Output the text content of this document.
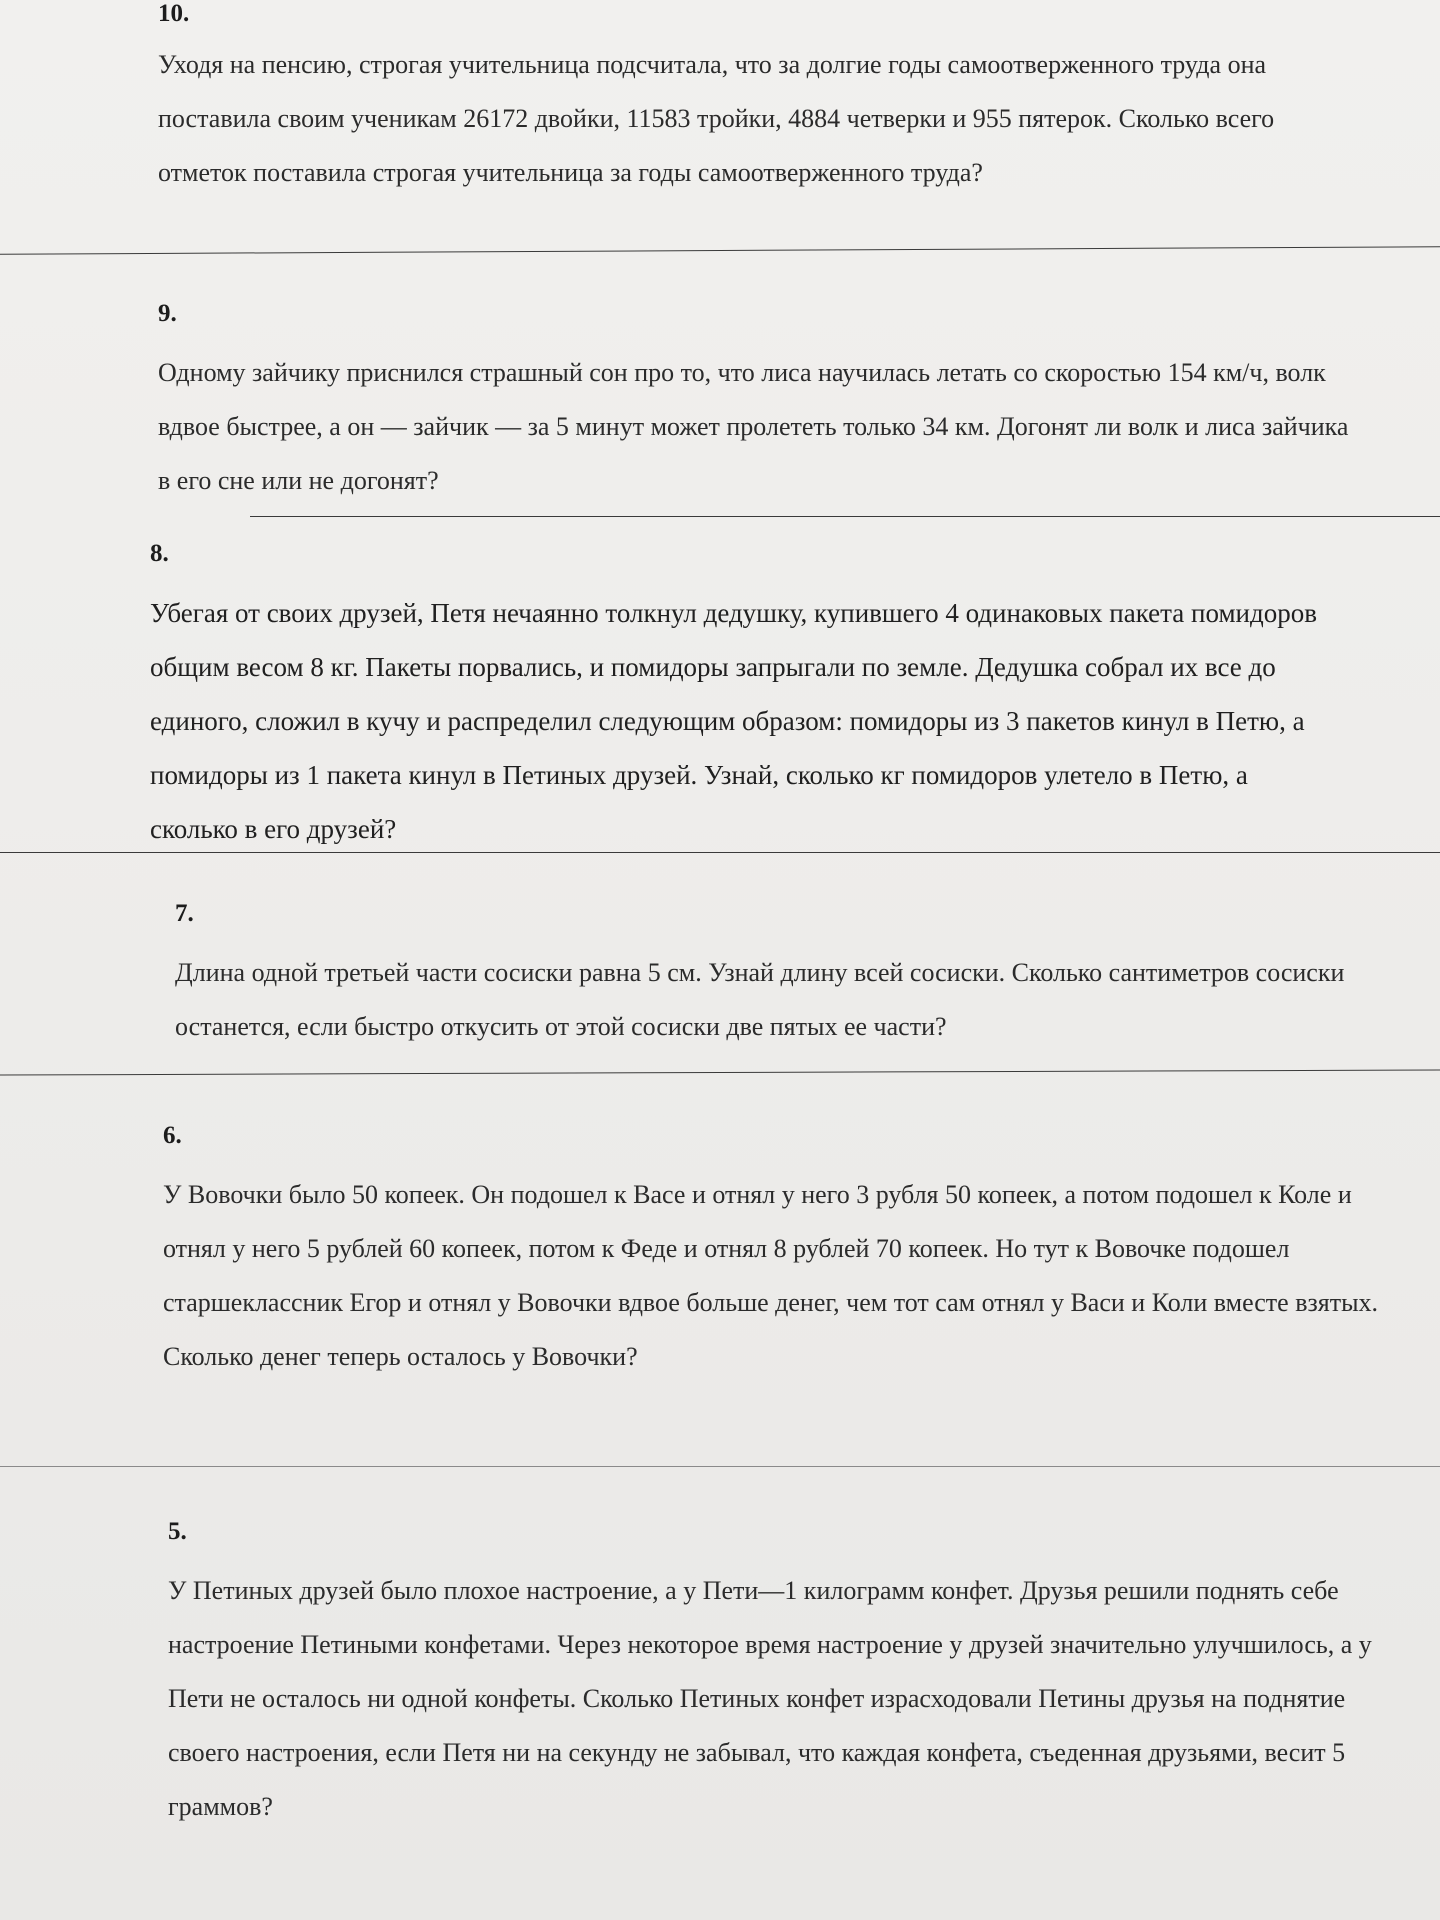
10.

Уходя на пенсию, строгая учительница подсчитала, что за долгие годы самоотверженного труда она поставила своим ученикам 26172 двойки, 11583 тройки, 4884 четверки и 955 пятерок. Сколько всего отметок поставила строгая учительница за годы самоотверженного труда?

9.

Одному зайчику приснился страшный сон про то, что лиса научилась летать со скоростью 154 км/ч, волк вдвое быстрее, а он — зайчик — за 5 минут может пролететь только 34 км. Догонят ли волк и лиса зайчика в его сне или не догонят?

8.

Убегая от своих друзей, Петя нечаянно толкнул дедушку, купившего 4 одинаковых пакета помидоров общим весом 8 кг. Пакеты порвались, и помидоры запрыгали по земле. Дедушка собрал их все до единого, сложил в кучу и распределил следующим образом: помидоры из 3 пакетов кинул в Петю, а помидоры из 1 пакета кинул в Петиных друзей. Узнай, сколько кг помидоров улетело в Петю, а сколько в его друзей?

7.

Длина одной третьей части сосиски равна 5 см. Узнай длину всей сосиски. Сколько сантиметров сосиски останется, если быстро откусить от этой сосиски две пятых ее части?

6.

У Вовочки было 50 копеек. Он подошел к Васе и отнял у него 3 рубля 50 копеек, а потом подошел к Коле и отнял у него 5 рублей 60 копеек, потом к Феде и отнял 8 рублей 70 копеек. Но тут к Вовочке подошел старшеклассник Егор и отнял у Вовочки вдвое больше денег, чем тот сам отнял у Васи и Коли вместе взятых. Сколько денег теперь осталось у Вовочки?

5.

У Петиных друзей было плохое настроение, а у Пети—1 килограмм конфет. Друзья решили поднять себе настроение Петиными конфетами. Через некоторое время настроение у друзей значительно улучшилось, а у Пети не осталось ни одной конфеты. Сколько Петиных конфет израсходовали Петины друзья на поднятие своего настроения, если Петя ни на секунду не забывал, что каждая конфета, съеденная друзьями, весит 5 граммов?
